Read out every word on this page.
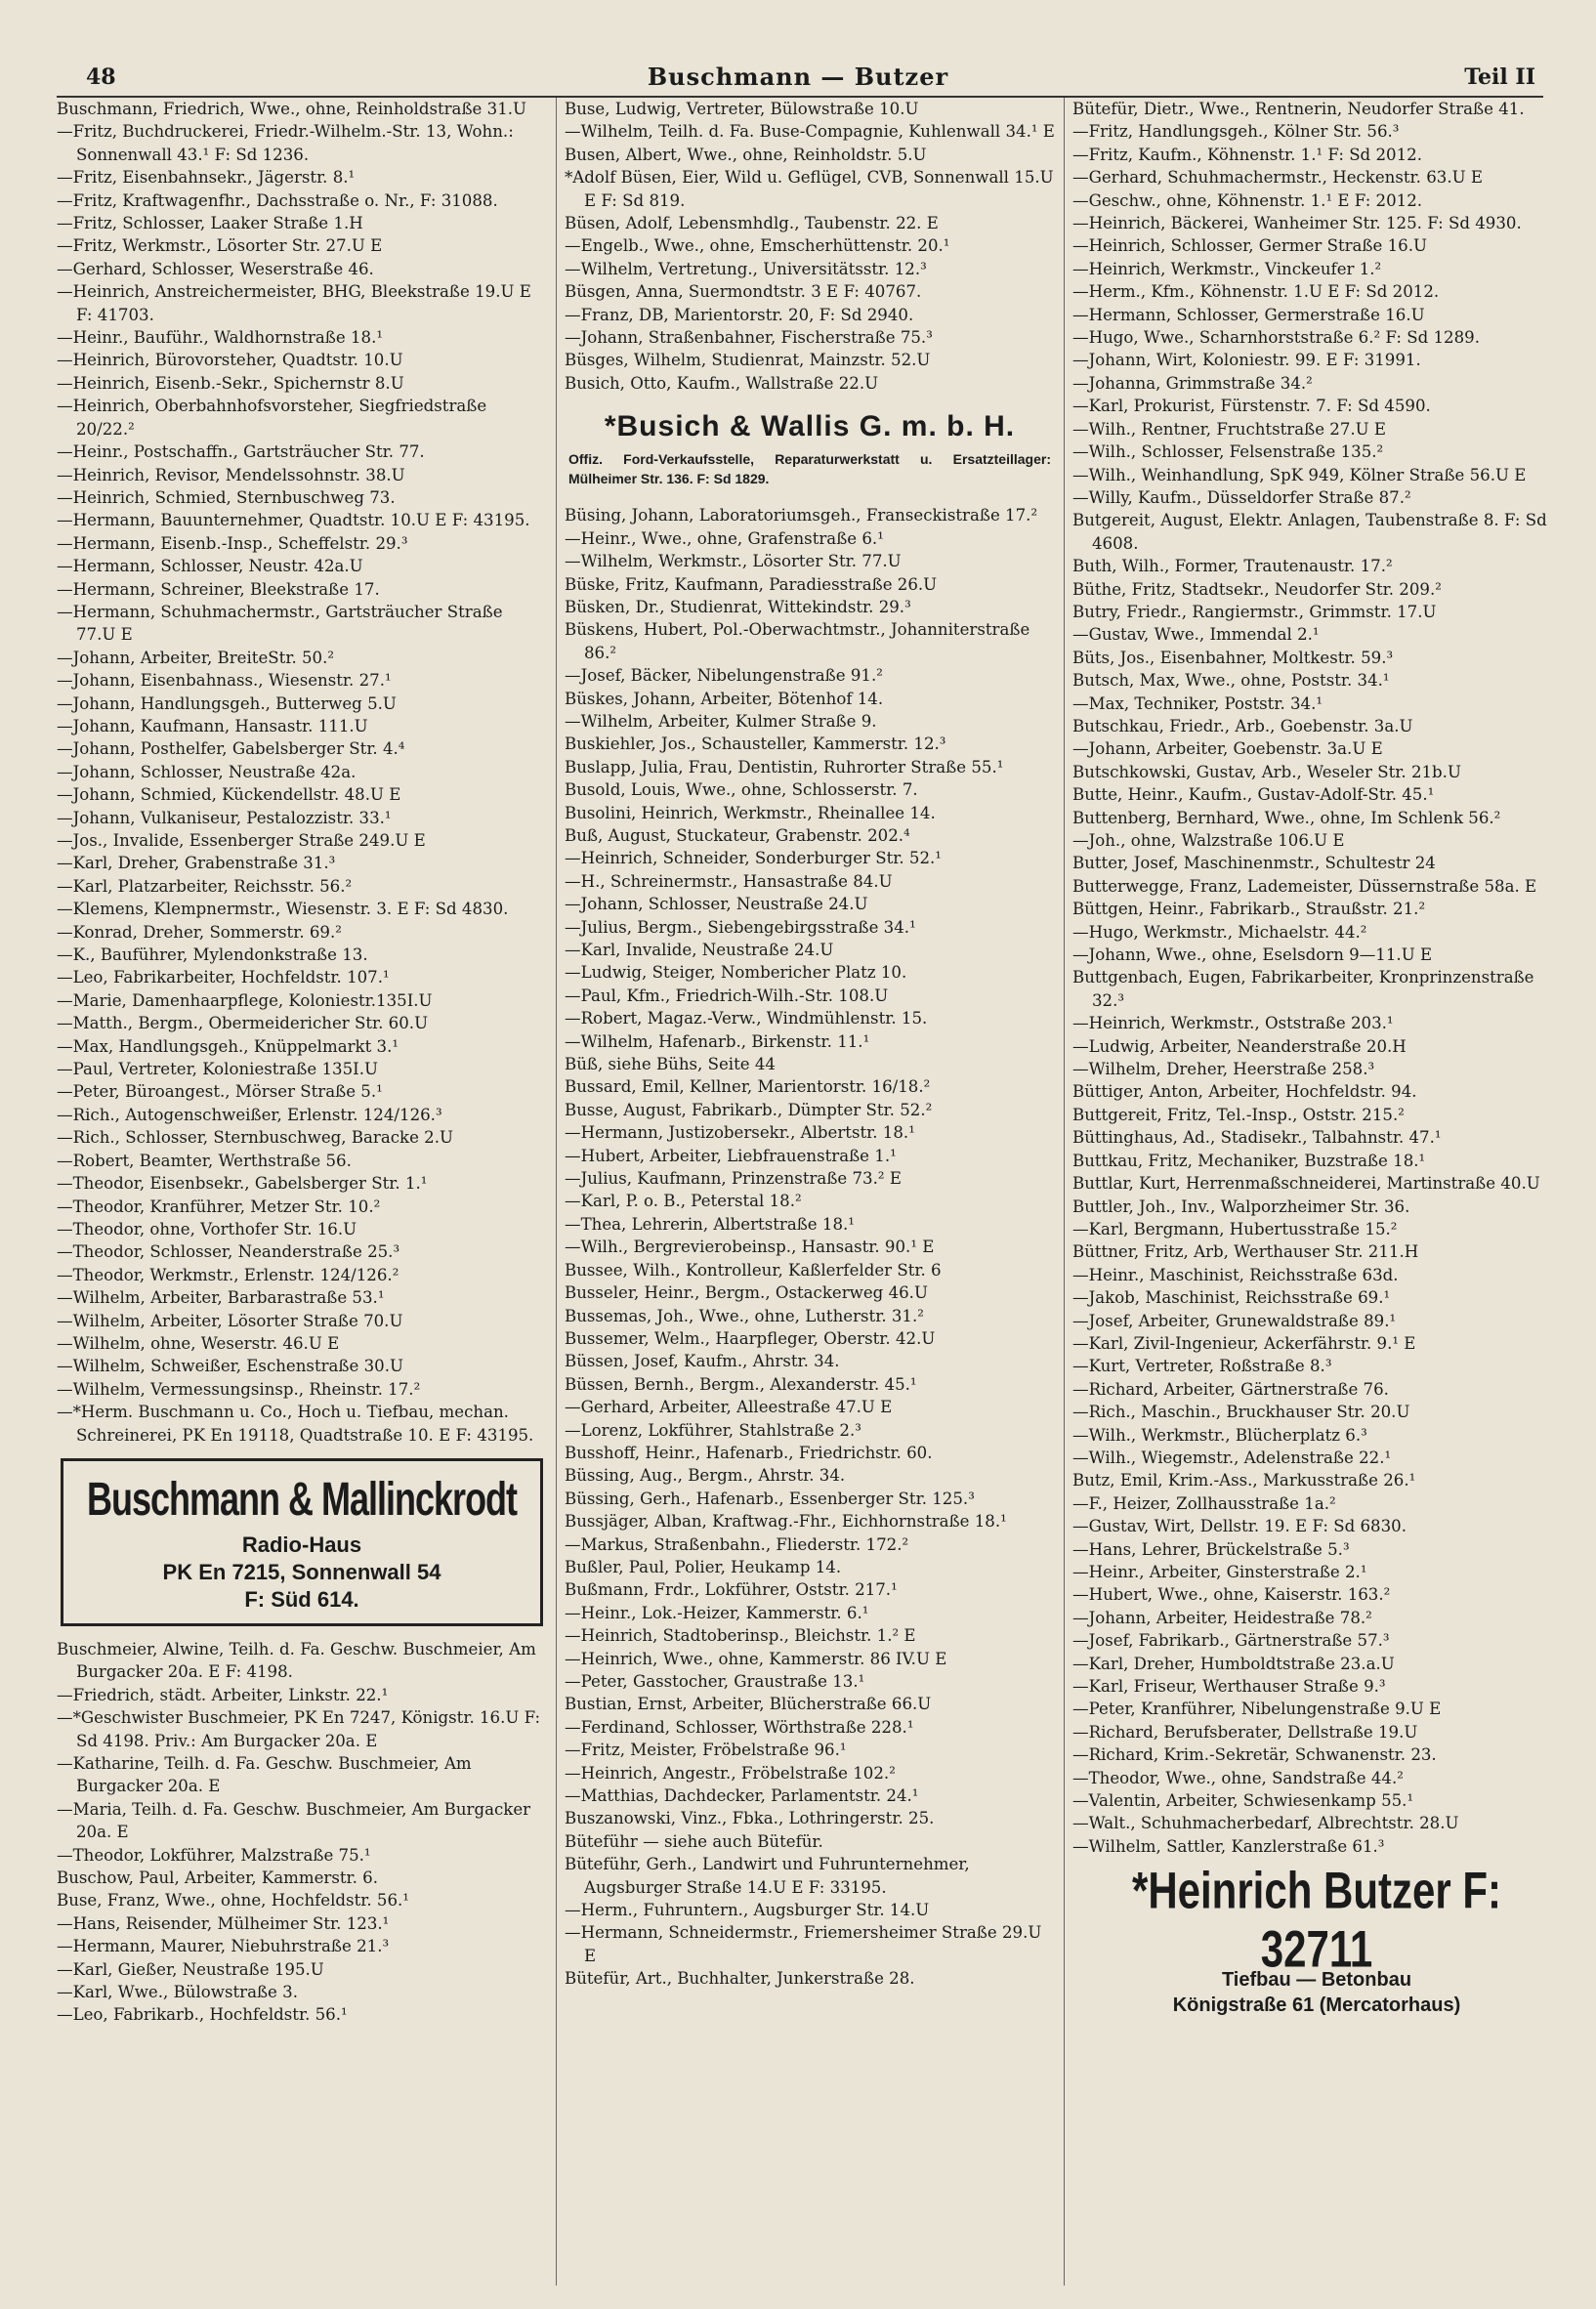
48	Buschmann — Butzer	Teil II
Buschmann, Friedrich, Wwe., ohne, Reinholdstraße 31.U
—Fritz, Buchdruckerei, Friedr.-Wilhelm.-Str. 13, Wohn.: Sonnenwall 43.¹ F: Sd 1236.
—Fritz, Eisenbahnsekr., Jägerstr. 8.¹
—Fritz, Kraftwagenfhr., Dachsstraße o. Nr., F: 31088.
—Fritz, Schlosser, Laaker Straße 1.H
—Fritz, Werkmstr., Lösorter Str. 27.U E
—Gerhard, Schlosser, Weserstraße 46.
—Heinrich, Anstreichermeister, BHG, Bleekstraße 19.U E F: 41703.
—Heinr., Bauführ., Waldhornstraße 18.¹
—Heinrich, Bürovorsteher, Quadtstr. 10.U
—Heinrich, Eisenb.-Sekr., Spichernstr 8.U
—Heinrich, Oberbahnhofsvorsteher, Siegfriedstraße 20/22.²
—Heinr., Postschaffn., Gartsträucher Str. 77.
—Heinrich, Revisor, Mendelssohnstr. 38.U
—Heinrich, Schmied, Sternbuschweg 73.
—Hermann, Bauunternehmer, Quadtstr. 10.U E F: 43195.
—Hermann, Eisenb.-Insp., Scheffelstr. 29.³
—Hermann, Schlosser, Neustr. 42a.U
—Hermann, Schreiner, Bleekstraße 17.
—Hermann, Schuhmachermstr., Gartsträucher Straße 77.U E
—Johann, Arbeiter, BreiteStr. 50.²
—Johann, Eisenbahnass., Wiesenstr. 27.¹
—Johann, Handlungsgeh., Butterweg 5.U
—Johann, Kaufmann, Hansastr. 111.U
—Johann, Posthelfer, Gabelsberger Str. 4.⁴
—Johann, Schlosser, Neustraße 42a.
—Johann, Schmied, Kückendellstr. 48.U E
—Johann, Vulkaniseur, Pestalozzistr. 33.¹
—Jos., Invalide, Essenberger Straße 249.U E
—Karl, Dreher, Grabenstraße 31.³
—Karl, Platzarbeiter, Reichsstr. 56.²
—Klemens, Klempnermstr., Wiesenstr. 3. E F: Sd 4830.
—Konrad, Dreher, Sommerstr. 69.²
—K., Bauführer, Mylendonkstraße 13.
—Leo, Fabrikarbeiter, Hochfeldstr. 107.¹
—Marie, Damenhaarpflege, Koloniestr.135I.U
—Matth., Bergm., Obermeidericher Str. 60.U
—Max, Handlungsgeh., Knüppelmarkt 3.¹
—Paul, Vertreter, Koloniestraße 135I.U
—Peter, Büroangest., Mörser Straße 5.¹
—Rich., Autogenschweißer, Erlenstr. 124/126.³
—Rich., Schlosser, Sternbuschweg, Baracke 2.U
—Robert, Beamter, Werthstraße 56.
—Theodor, Eisenbsekr., Gabelsberger Str. 1.¹
—Theodor, Kranführer, Metzer Str. 10.²
—Theodor, ohne, Vorthofer Str. 16.U
—Theodor, Schlosser, Neanderstraße 25.³
—Theodor, Werkmstr., Erlenstr. 124/126.²
—Wilhelm, Arbeiter, Barbarastraße 53.¹
—Wilhelm, Arbeiter, Lösorter Straße 70.U
—Wilhelm, ohne, Weserstr. 46.U E
—Wilhelm, Schweißer, Eschenstraße 30.U
—Wilhelm, Vermessungsinsp., Rheinstr. 17.²
—*Herm. Buschmann u. Co., Hoch u. Tiefbau, mechan. Schreinerei, PK En 19118, Quadtstraße 10. E F: 43195.
Buschmann & Mallinckrodt
Radio-Haus
PK En 7215, Sonnenwall 54
F: Süd 614.
Buschmeier, Alwine, Teilh. d. Fa. Geschw. Buschmeier, Am Burgacker 20a. E F: 4198.
—Friedrich, städt. Arbeiter, Linkstr. 22.¹
—*Geschwister Buschmeier, PK En 7247, Königstr. 16.U F: Sd 4198. Priv.: Am Burgacker 20a. E
—Katharine, Teilh. d. Fa. Geschw. Buschmeier, Am Burgacker 20a. E
—Maria, Teilh. d. Fa. Geschw. Buschmeier, Am Burgacker 20a. E
—Theodor, Lokführer, Malzstraße 75.¹
Buschow, Paul, Arbeiter, Kammerstr. 6.
Buse, Franz, Wwe., ohne, Hochfeldstr. 56.¹
—Hans, Reisender, Mülheimer Str. 123.¹
—Hermann, Maurer, Niebuhrstraße 21.³
—Karl, Gießer, Neustraße 195.U
—Karl, Wwe., Bülowstraße 3.
—Leo, Fabrikarb., Hochfeldstr. 56.¹
Buse, Ludwig, Vertreter, Bülowstraße 10.U
—Wilhelm, Teilh. d. Fa. Buse-Compagnie, Kuhlenwall 34.¹ E
Busen, Albert, Wwe., ohne, Reinholdstr. 5.U
*Adolf Büsen, Eier, Wild u. Geflügel, CVB, Sonnenwall 15.U E F: Sd 819.
Büsen, Adolf, Lebensmhdlg., Taubenstr. 22. E
—Engelb., Wwe., ohne, Emscherhüttenstr. 20.¹
—Wilhelm, Vertretung., Universitätsstr. 12.³
Büsgen, Anna, Suermondtstr. 3 E F: 40767.
—Franz, DB, Marientorstr. 20, F: Sd 2940.
—Johann, Straßenbahner, Fischerstraße 75.³
Büsges, Wilhelm, Studienrat, Mainzstr. 52.U
Busich, Otto, Kaufm., Wallstraße 22.U
*Busich & Wallis G. m. b. H.
Offiz. Ford-Verkaufsstelle, Reparaturwerkstatt u. Ersatzteillager: Mülheimer Str. 136. F: Sd 1829.
Büsing, Johann, Laboratoriumsgeh., Franseckistraße 17.²
—Heinr., Wwe., ohne, Grafenstraße 6.¹
—Wilhelm, Werkmstr., Lösorter Str. 77.U
Büske, Fritz, Kaufmann, Paradiesstraße 26.U
Büsken, Dr., Studienrat, Wittekindstr. 29.³
Büskens, Hubert, Pol.-Oberwachtmstr., Johanniterstraße 86.²
—Josef, Bäcker, Nibelungenstraße 91.²
Büskes, Johann, Arbeiter, Bötenhof 14.
—Wilhelm, Arbeiter, Kulmer Straße 9.
Buskiehler, Jos., Schausteller, Kammerstr. 12.³
Buslapp, Julia, Frau, Dentistin, Ruhrorter Straße 55.¹
Busold, Louis, Wwe., ohne, Schlosserstr. 7.
Busolini, Heinrich, Werkmstr., Rheinallee 14.
Buß, August, Stuckateur, Grabenstr. 202.⁴
—Heinrich, Schneider, Sonderburger Str. 52.¹
—H., Schreinermstr., Hansastraße 84.U
—Johann, Schlosser, Neustraße 24.U
—Julius, Bergm., Siebengebirgsstraße 34.¹
—Karl, Invalide, Neustraße 24.U
—Ludwig, Steiger, Nombericher Platz 10.
—Paul, Kfm., Friedrich-Wilh.-Str. 108.U
—Robert, Magaz.-Verw., Windmühlenstr. 15.
—Wilhelm, Hafenarb., Birkenstr. 11.¹
Büß, siehe Bühs, Seite 44
Bussard, Emil, Kellner, Marientorstr. 16/18.²
Busse, August, Fabrikarb., Dümpter Str. 52.²
—Hermann, Justizobersekr., Albertstr. 18.¹
—Hubert, Arbeiter, Liebfrauenstraße 1.¹
—Julius, Kaufmann, Prinzenstraße 73.² E
—Karl, P. o. B., Peterstal 18.²
—Thea, Lehrerin, Albertstraße 18.¹
—Wilh., Bergrevierobeinsp., Hansastr. 90.¹ E
Bussee, Wilh., Kontrolleur, Kaßlerfelder Str. 6
Busseler, Heinr., Bergm., Ostackerweg 46.U
Bussemas, Joh., Wwe., ohne, Lutherstr. 31.²
Bussemer, Welm., Haarpfleger, Oberstr. 42.U
Büssen, Josef, Kaufm., Ahrstr. 34.
Büssen, Bernh., Bergm., Alexanderstr. 45.¹
—Gerhard, Arbeiter, Alleestraße 47.U E
—Lorenz, Lokführer, Stahlstraße 2.³
Busshoff, Heinr., Hafenarb., Friedrichstr. 60.
Büssing, Aug., Bergm., Ahrstr. 34.
Büssing, Gerh., Hafenarb., Essenberger Str. 125.³
Bussjäger, Alban, Kraftwag.-Fhr., Eichhornstraße 18.¹
—Markus, Straßenbahn., Fliederstr. 172.²
Bußler, Paul, Polier, Heukamp 14.
Bußmann, Frdr., Lokführer, Oststr. 217.¹
—Heinr., Lok.-Heizer, Kammerstr. 6.¹
—Heinrich, Stadtoberinsp., Bleichstr. 1.² E
—Heinrich, Wwe., ohne, Kammerstr. 86 IV.U E
—Peter, Gasstocher, Graustraße 13.¹
Bustian, Ernst, Arbeiter, Blücherstraße 66.U
—Ferdinand, Schlosser, Wörthstraße 228.¹
—Fritz, Meister, Fröbelstraße 96.¹
—Heinrich, Angestr., Fröbelstraße 102.²
—Matthias, Dachdecker, Parlamentstr. 24.¹
Buszanowski, Vinz., Fbka., Lothringerstr. 25.
Büteführ — siehe auch Bütefür.
Büteführ, Gerh., Landwirt und Fuhrunternehmer, Augsburger Straße 14.U E F: 33195.
—Herm., Fuhruntern., Augsburger Str. 14.U
—Hermann, Schneidermstr., Friemersheimer Straße 29.U E
Bütefür, Art., Buchhalter, Junkerstraße 28.
Bütefür, Dietr., Wwe., Rentnerin, Neudorfer Straße 41.
—Fritz, Handlungsgeh., Kölner Str. 56.³
—Fritz, Kaufm., Köhnenstr. 1.¹ F: Sd 2012.
—Gerhard, Schuhmachermstr., Heckenstr. 63.U E
—Geschw., ohne, Köhnenstr. 1.¹ E F: 2012.
—Heinrich, Bäckerei, Wanheimer Str. 125. F: Sd 4930.
—Heinrich, Schlosser, Germer Straße 16.U
—Heinrich, Werkmstr., Vinckeufer 1.²
—Herm., Kfm., Köhnenstr. 1.U E F: Sd 2012.
—Hermann, Schlosser, Germerstraße 16.U
—Hugo, Wwe., Scharnhorststraße 6.² F: Sd 1289.
—Johann, Wirt, Koloniestr. 99. E F: 31991.
—Johanna, Grimmstraße 34.²
—Karl, Prokurist, Fürstenstr. 7. F: Sd 4590.
—Wilh., Rentner, Fruchtstraße 27.U E
—Wilh., Schlosser, Felsenstraße 135.²
—Wilh., Weinhandlung, SpK 949, Kölner Straße 56.U E
—Willy, Kaufm., Düsseldorfer Straße 87.²
Butgereit, August, Elektr. Anlagen, Taubenstraße 8. F: Sd 4608.
Buth, Wilh., Former, Trautenaustr. 17.²
Büthe, Fritz, Stadtsekr., Neudorfer Str. 209.²
Butry, Friedr., Rangiermstr., Grimmstr. 17.U
—Gustav, Wwe., Immendal 2.¹
Büts, Jos., Eisenbahner, Moltkestr. 59.³
Butsch, Max, Wwe., ohne, Poststr. 34.¹
—Max, Techniker, Poststr. 34.¹
Butschkau, Friedr., Arb., Goebenstr. 3a.U
—Johann, Arbeiter, Goebenstr. 3a.U E
Butschkowski, Gustav, Arb., Weseler Str. 21b.U
Butte, Heinr., Kaufm., Gustav-Adolf-Str. 45.¹
Buttenberg, Bernhard, Wwe., ohne, Im Schlenk 56.²
—Joh., ohne, Walzstraße 106.U E
Butter, Josef, Maschinenmstr., Schultestr 24
Butterwegge, Franz, Lademeister, Düssernstraße 58a. E
Büttgen, Heinr., Fabrikarb., Straußstr. 21.²
—Hugo, Werkmstr., Michaelstr. 44.²
—Johann, Wwe., ohne, Eselsdorn 9—11.U E
Buttgenbach, Eugen, Fabrikarbeiter, Kronprinzenstraße 32.³
—Heinrich, Werkmstr., Oststraße 203.¹
—Ludwig, Arbeiter, Neanderstraße 20.H
—Wilhelm, Dreher, Heerstraße 258.³
Büttiger, Anton, Arbeiter, Hochfeldstr. 94.
Buttgereit, Fritz, Tel.-Insp., Oststr. 215.²
Büttinghaus, Ad., Stadisekr., Talbahnstr. 47.¹
Buttkau, Fritz, Mechaniker, Buzstraße 18.¹
Buttlar, Kurt, Herrenmaßschneiderei, Martinstraße 40.U
Buttler, Joh., Inv., Walporzheimer Str. 36.
—Karl, Bergmann, Hubertusstraße 15.²
Büttner, Fritz, Arb, Werthauser Str. 211.H
—Heinr., Maschinist, Reichsstraße 63d.
—Jakob, Maschinist, Reichsstraße 69.¹
—Josef, Arbeiter, Grunewaldstraße 89.¹
—Karl, Zivil-Ingenieur, Ackerfährstr. 9.¹ E
—Kurt, Vertreter, Roßstraße 8.³
—Richard, Arbeiter, Gärtnerstraße 76.
—Rich., Maschin., Bruckhauser Str. 20.U
—Wilh., Werkmstr., Blücherplatz 6.³
—Wilh., Wiegemstr., Adelenstraße 22.¹
Butz, Emil, Krim.-Ass., Markusstraße 26.¹
—F., Heizer, Zollhausstraße 1a.²
—Gustav, Wirt, Dellstr. 19. E F: Sd 6830.
—Hans, Lehrer, Brückelstraße 5.³
—Heinr., Arbeiter, Ginsterstraße 2.¹
—Hubert, Wwe., ohne, Kaiserstr. 163.²
—Johann, Arbeiter, Heidestraße 78.²
—Josef, Fabrikarb., Gärtnerstraße 57.³
—Karl, Dreher, Humboldtstraße 23.a.U
—Karl, Friseur, Werthauser Straße 9.³
—Peter, Kranführer, Nibelungenstraße 9.U E
—Richard, Berufsberater, Dellstraße 19.U
—Richard, Krim.-Sekretär, Schwanenstr. 23.
—Theodor, Wwe., ohne, Sandstraße 44.²
—Valentin, Arbeiter, Schwiesenkamp 55.¹
—Walt., Schuhmacherbedarf, Albrechtstr. 28.U
—Wilhelm, Sattler, Kanzlerstraße 61.³
*Heinrich Butzer F: 32711
Tiefbau — Betonbau
Königstraße 61 (Mercatorhaus)
